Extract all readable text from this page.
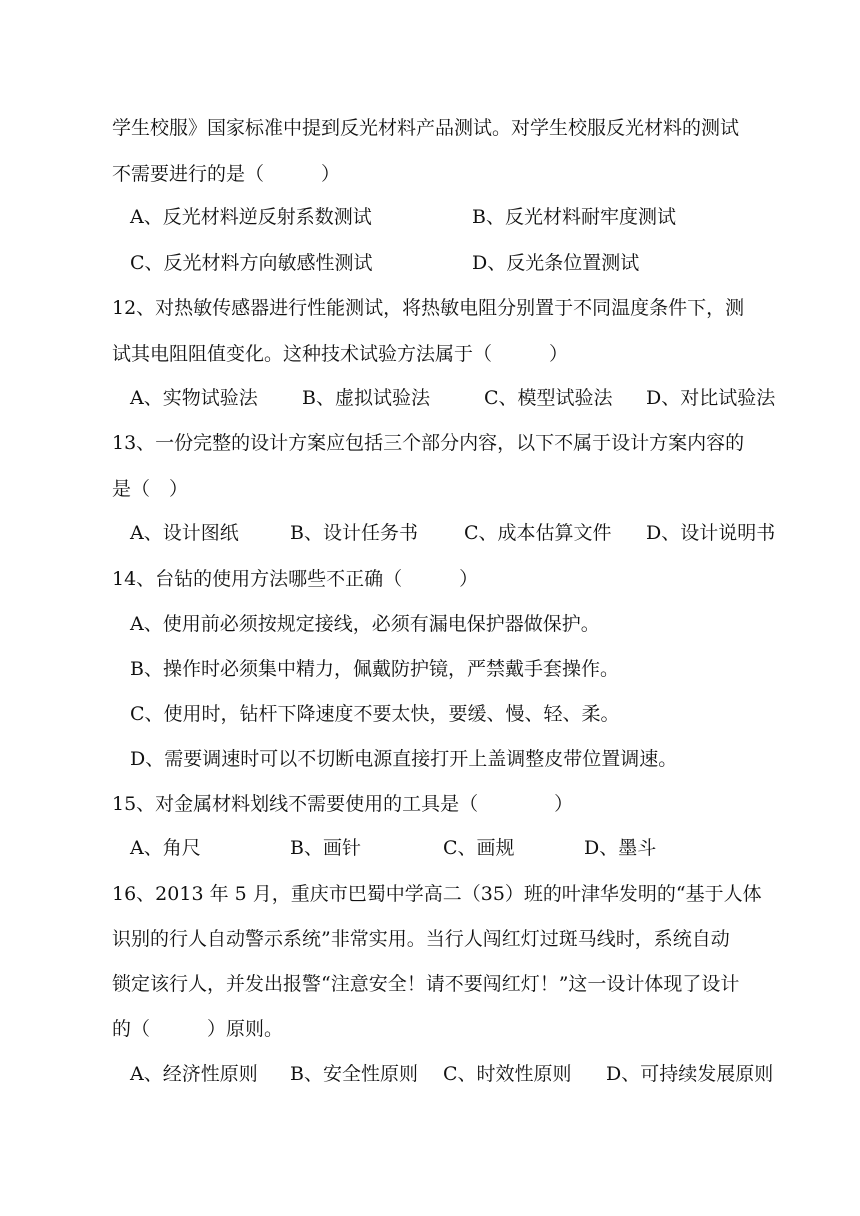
学生校服》国家标准中提到反光材料产品测试。对学生校服反光材料的测试
不需要进行的是（　　　）

A、反光材料逆反射系数测试

	B、反光材料耐牢度测试

C、反光材料方向敏感性测试

	D、反光条位置测试

12、对热敏传感器进行性能测试，将热敏电阻分别置于不同温度条件下，测
试其电阻阻值变化。这种技术试验方法属于（　　　）

A、实物试验法

B、虚拟试验法

	C、模型试验法

D、对比试验法

13、一份完整的设计方案应包括三个部分内容，以下不属于设计方案内容的
是（　）

A、设计图纸

	B、设计任务书

C、成本估算文件

D、设计说明书

14、台钻的使用方法哪些不正确（　　　）
A、使用前必须按规定接线，必须有漏电保护器做保护。
B、操作时必须集中精力，佩戴防护镜，严禁戴手套操作。
C、使用时，钻杆下降速度不要太快，要缓、慢、轻、柔。
D、需要调速时可以不切断电源直接打开上盖调整皮带位置调速。
15、对金属材料划线不需要使用的工具是（　　　　）

A、角尺

	B、画针

	C、画规

	D、墨斗

16、2013 年 5 月，重庆市巴蜀中学高二（35）班的叶津华发明的“基于人体
识别的行人自动警示系统”非常实用。当行人闯红灯过斑马线时，系统自动
锁定该行人，并发出报警“注意安全！请不要闯红灯！”这一设计体现了设计
的（　　　）原则。

A、经济性原则

B、安全性原则

C、时效性原则

D、可持续发展原则
